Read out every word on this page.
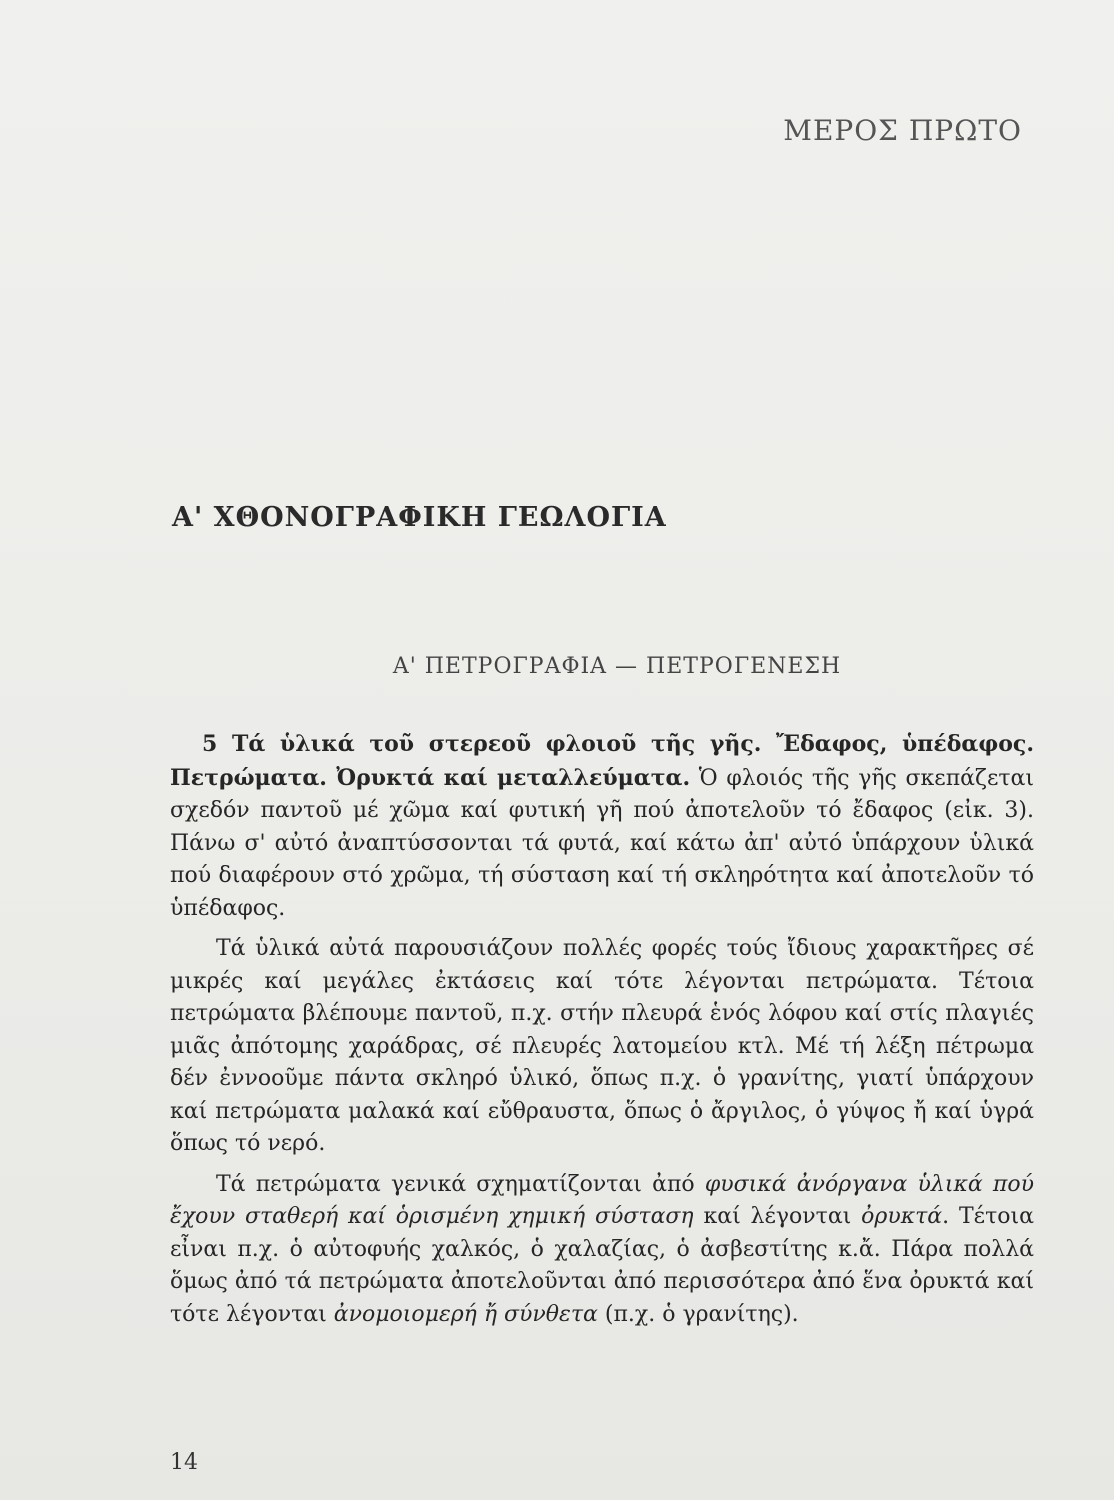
ΜΕΡΟΣ ΠΡΩΤΟ
Α' ΧΘΟΝΟΓΡΑΦΙΚΗ ΓΕΩΛΟΓΙΑ
Α' ΠΕΤΡΟΓΡΑΦΙΑ — ΠΕΤΡΟΓΕΝΕΣΗ

5 Τά ὑλικά τοῦ στερεοῦ φλοιοῦ τῆς γῆς. Ἔδαφος, ὑπέδαφος. Πετρώματα. Ὀρυκτά καί μεταλλεύματα. Ὁ φλοιός τῆς γῆς σκεπάζεται σχεδόν παντοῦ μέ χῶμα καί φυτική γῆ πού ἀποτελοῦν τό ἔδαφος (εἰκ. 3). Πάνω σ' αὐτό ἀναπτύσσονται τά φυτά, καί κάτω ἀπ' αὐτό ὑπάρχουν ὑλικά πού διαφέρουν στό χρῶμα, τή σύσταση καί τή σκληρότητα καί ἀποτελοῦν τό ὑπέδαφος.

Τά ὑλικά αὐτά παρουσιάζουν πολλές φορές τούς ἴδιους χαρακτῆρες σέ μικρές καί μεγάλες ἐκτάσεις καί τότε λέγονται πετρώματα. Τέτοια πετρώματα βλέπουμε παντοῦ, π.χ. στήν πλευρά ἑνός λόφου καί στίς πλαγιές μιᾶς ἀπότομης χαράδρας, σέ πλευρές λατομείου κτλ. Μέ τή λέξη πέτρωμα δέν ἐννοοῦμε πάντα σκληρό ὑλικό, ὅπως π.χ. ὁ γρανίτης, γιατί ὑπάρχουν καί πετρώματα μαλακά καί εὔθραυστα, ὅπως ὁ ἄργιλος, ὁ γύψος ἤ καί ὑγρά ὅπως τό νερό.

Τά πετρώματα γενικά σχηματίζονται ἀπό φυσικά ἀνόργανα ὑλικά πού ἔχουν σταθερή καί ὁρισμένη χημική σύσταση καί λέγονται ὀρυκτά. Τέτοια εἶναι π.χ. ὁ αὐτοφυής χαλκός, ὁ χαλαζίας, ὁ ἀσβεστίτης κ.ἄ. Πάρα πολλά ὅμως ἀπό τά πετρώματα ἀποτελοῦνται ἀπό περισσότερα ἀπό ἕνα ὀρυκτά καί τότε λέγονται ἀνομοιομερή ἤ σύνθετα (π.χ. ὁ γρανίτης).

14
